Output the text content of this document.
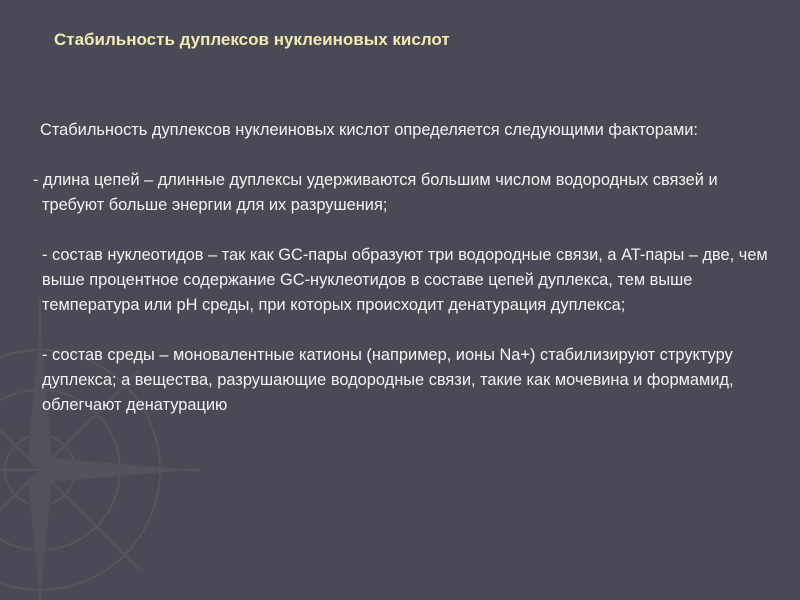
Стабильность дуплексов нуклеиновых кислот

Стабильность дуплексов нуклеиновых кислот определяется следующими факторами:

- длина цепей – длинные дуплексы удерживаются большим числом водородных связей и требуют больше энергии для их разрушения;

- состав нуклеотидов – так как GC-пары образуют три водородные связи, а AT-пары – две, чем выше процентное содержание GC-нуклеотидов в составе цепей дуплекса, тем выше температура или pH среды, при которых происходит денатурация дуплекса;

- состав среды – моновалентные катионы (например, ионы Na+) стабилизируют структуру дуплекса; а вещества, разрушающие водородные связи, такие как мочевина и формамид, облегчают денатурацию
